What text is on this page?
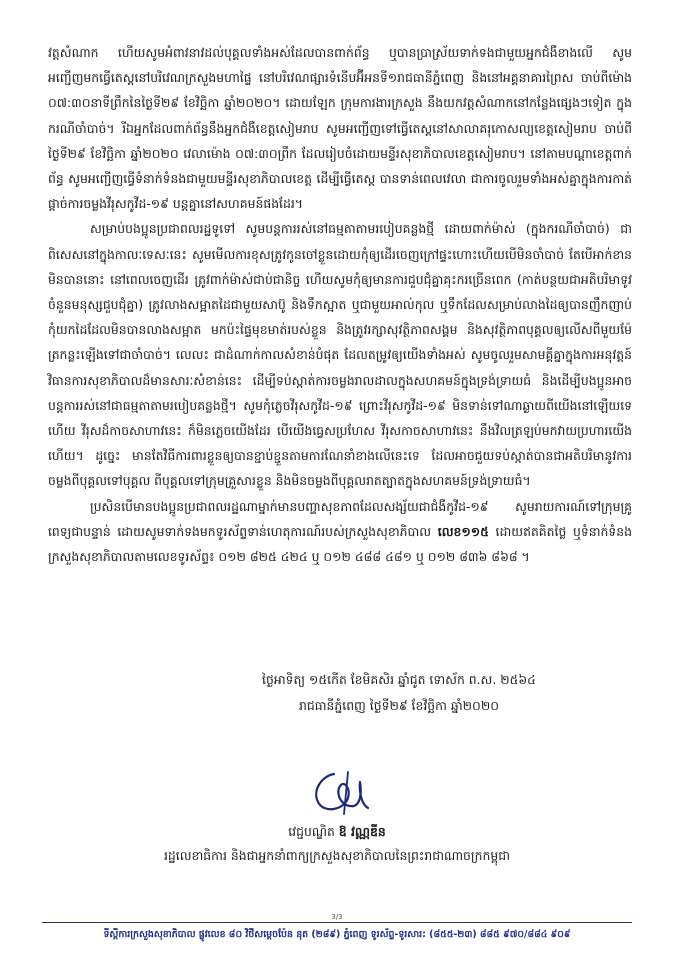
វត្តសំណាក ហើយសូមអំពាវនាវដល់បុគ្គលទាំងអស់ដែលបានពាក់ព័ន្ធ ឬបានប្រាស្រ័យទាក់ទងជាមួយអ្នកជំងឺខាងលើ សូមអញ្ជើញមកធ្វើតេស្តនៅបរិវេណក្រសួងមហាផ្ទៃ នៅបរិវេណផ្សារទំនើបអ៊ីអនទី១រាជធានីភ្នំពេញ និងនៅអគ្គនាគារព្រៃស ចាប់ពីម៉ោង ០៧:៣០នាទីព្រឹកនៃថ្ងៃទី២៩ ខែវិច្ឆិកា ឆ្នាំ២០២០។ ដោយឡែក ក្រុមការងារក្រសួង នឹងយកវត្តសំណាកនៅកន្លែងផ្សេងៗទៀត ក្នុងករណីចាំបាច់។ រីឯអ្នកដែលពាក់ព័ន្ធនឹងអ្នកជំងឺខេត្តសៀមរាប សូមអញ្ជើញទៅធ្វើតេស្តនៅសាលាគរុកោសល្យខេត្តសៀមរាប ចាប់ពីថ្ងៃទី២៩ ខែវិច្ឆិកា ឆ្នាំ២០២០ វេលាម៉ោង ០៧:៣០ព្រឹក ដែលរៀបចំដោយមន្ទីរសុខាភិបាលខេត្តសៀមរាប។ នៅតាមបណ្តាខេត្តពាក់ព័ន្ធ សូមអញ្ជើញធ្វើទំនាក់ទំនងជាមួយមន្ទីរសុខាភិបាលខេត្ត ដើម្បីធ្វើតេស្ត បានទាន់ពេលវេលា ជាការចូលរួមទាំងអស់គ្នាក្នុងការកាត់ផ្តាច់ការចម្លងវីរុសកូវីដ-១៩ បន្តគ្នានៅសហគមន៍ផងដែរ។

សម្រាប់បងប្អូនប្រជាពលរដ្ឋទូទៅ សូមបន្តការរស់នៅធម្មតាតាមរបៀបគន្លងថ្មី ដោយពាក់ម៉ាស់ (ក្នុងករណីចាំបាច់) ជាពិសេសនៅក្នុងកាលៈទេសៈនេះ សូមមើលការខុសត្រូវកូនចៅខ្លួនដោយកុំឲ្យដើរចេញក្រៅផ្ទះហោះហើយបើមិនចាំបាច់ តែបើអាក់ខានមិនបាននោះ នៅពេលចេញដើរ ត្រូវពាក់ម៉ាស់ជាប់ជានិច្ច ហើយសូមកុំឲ្យមានការជួបជុំគ្នាគុះករច្រើនពេក (កាត់បន្ថយជាអតិបរិមាទូវចំនួនមនុស្សជួបជុំគ្នា) ត្រូវលាងសម្អាតដៃជាមួយសាប៊ូ និងទឹកស្អាត ឬជាមួយអាល់កុល ឬទឹកដែលសម្រាប់លាងដៃឲ្យបានញឹកញាប់ កុំយកដៃដែលមិនបានលាងសម្អាត មកប៉ះផ្ទៃមុខមាត់របស់ខ្លួន និងត្រូវរក្សាសុវត្ថិភាពសង្គម និងសុវត្ថិភាពបុគ្គលឲ្យលើសពីមួយម៉ែត្រកន្លះឡើងទៅជាចាំបាច់។ លេលះ ជាដំណាក់កាលសំខាន់បំផុត ដែលតម្រូវឲ្យយើងទាំងអស់ សូមចូលរួមសាមគ្គីគ្នាក្នុងការអនុវត្តន៍វិធានការសុខាភិបាលដ៏មានសារៈសំខាន់នេះ ដើម្បីទប់ស្កាត់ការចម្លងរាលដាលក្នុងសហគមន៍ក្នុងទ្រង់ទ្រាយធំ និងដើម្បីបងប្អូនអាចបន្តការរស់នៅជាធម្មតាតាមរបៀបគន្លងថ្មី។ សូមកុំភ្លេចវីរុសកូវីដ-១៩ ព្រោះវីរុសកូវីដ-១៩ មិនទាន់ទៅណាឆ្ងាយពីយើងនៅឡើយទេ ហើយ វីរុសដ៏កាចសាហាវនេះ ក៏មិនភ្លេចយើងដែរ បើយើងធ្វេសប្រហែស វីរុសកាចសាហាវនេះ នឹងវិលត្រឡប់មកវាយប្រហារយើងហើយ។ ដូច្នេះ មានតែវិធីការពារខ្លួនឲ្យបានខ្ជាប់ខ្ជួនតាមការណែនាំខាងលើនេះទេ ដែលអាចជួយទប់ស្កាត់បានជាអតិបរិមានូវការចម្លងពីបុគ្គលទៅបុគ្គល ពីបុគ្គលទៅក្រុមគ្រួសារខ្លួន និងមិនចម្លងពីបុគ្គលរាតត្បាតក្នុងសហគមន៍ទ្រង់ទ្រាយធំ។

ប្រសិនបើមានបងប្អូនប្រជាពលរដ្ឋណាម្នាក់មានបញ្ហាសុខភាពដែលសង្ស័យជាជំងឺកូវីដ-១៩ សូមរាយការណ៍ទៅក្រុមគ្រូពេទ្យជាបន្ទាន់ ដោយសូមទាក់ទងមកទូរស័ព្ទទាន់ហេតុការណ៍របស់ក្រសួងសុខាភិបាល លេខ១១៥ ដោយឥតគិតថ្លៃ ឬទំនាក់ទំនងក្រសួងសុខាភិបាលតាមលេខទូរស័ព្ទ៖ ០១២ ៨២៥ ៤២៤ ឬ ០១២ ៤៨៨ ៤៨១ ឬ ០១២ ៨៣៦ ៨៦៨ ។

ថ្ងៃអាទិត្យ ១៥កើត ខែមិគសិរ ឆ្នាំជូត ទោស័ក ព.ស. ២៥៦៤
រាជធានីភ្នំពេញ ថ្ងៃទី២៩ ខែវិច្ឆិកា ឆ្នាំ២០២០
វេជ្ជបណ្ឌិត ឱ វណ្ណឌីន
រដ្ឋលេខាធិការ និងជាអ្នកនាំពាក្យក្រសួងសុខាភិបាលនៃព្រះរាជាណាចក្រកម្ពុជា
3/3
ទីស្តីការក្រសួងសុខាភិបាល ផ្លូវលេខ ៨០ វិថីសម្តេចប៉ែន នុត (២៨៩) ភ្នំពេញ ទូរស័ព្ទ-ទូរសារ: (៨៥៥-២៣) ៨៨៥ ៩៧០/៨៨៤ ៩០៩
